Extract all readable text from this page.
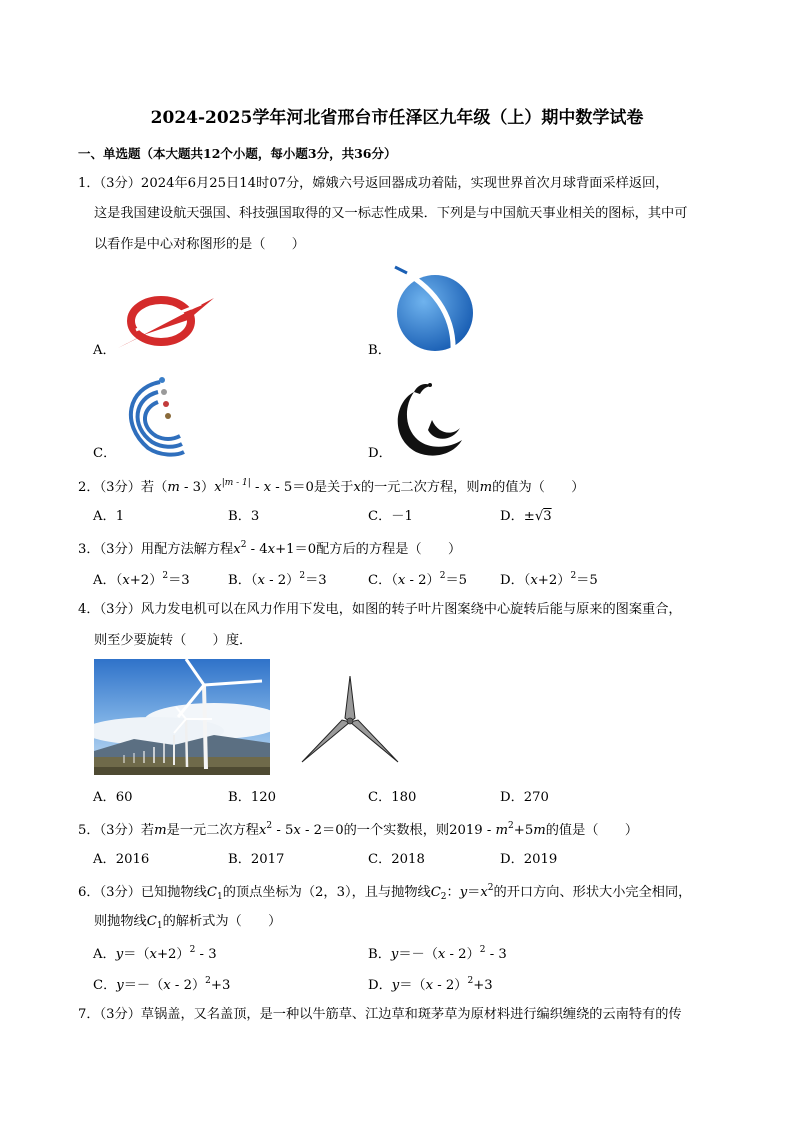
2024-2025学年河北省邢台市任泽区九年级（上）期中数学试卷
一、单选题（本大题共12个小题，每小题3分，共36分）
1．（3分）2024年6月25日14时07分，嫦娥六号返回器成功着陆，实现世界首次月球背面采样返回，
这是我国建设航天强国、科技强国取得的又一标志性成果．下列是与中国航天事业相关的图标，其中可
以看作是中心对称图形的是（　　）
A．	B．
C．	D．
2．（3分）若$(m - 3)x^{|m - 1|} - x - 5=0$是关于x的一元二次方程，则m的值为（　　）
A．1	B．3	C．－1	D．±√3
3．（3分）用配方法解方程$x^2 - 4x+1=0$配方后的方程是（　　）
A．$(x+2)^2=3$	B．（x - 2）$^2$＝3	C．（x - 2）$^2$＝5 D．$(x+2)^2=5$
4．（3分）风力发电机可以在风力作用下发电，如图的转子叶片图案绕中心旋转后能与原来的图案重合，
则至少要旋转（　　）度．
A．60	B．120	C．180	D．270
5．（3分）若m是一元二次方程$x^2 - 5x - 2=0$的一个实数根，则$2019 - m^2+5m$的值是（　　）
A．2016	B．2017	C．2018	D．2019
6．（3分）已知抛物线$C_1$的顶点坐标为（2，3），且与抛物线$C_2$：$y=x^2$的开口方向、形状大小完全相同，
则抛物线$C_1$的解析式为（　　）
A．$y=(x+2)^2 - 3$	B．y＝－（x - 2）$^2$ - 3
C．y＝－（x - 2）$^2$+3	D．y＝（x - 2）$^2$+3
7．（3分）草锅盖，又名盖顶，是一种以牛筋草、江边草和斑茅草为原材料进行编织缠绕的云南特有的传
